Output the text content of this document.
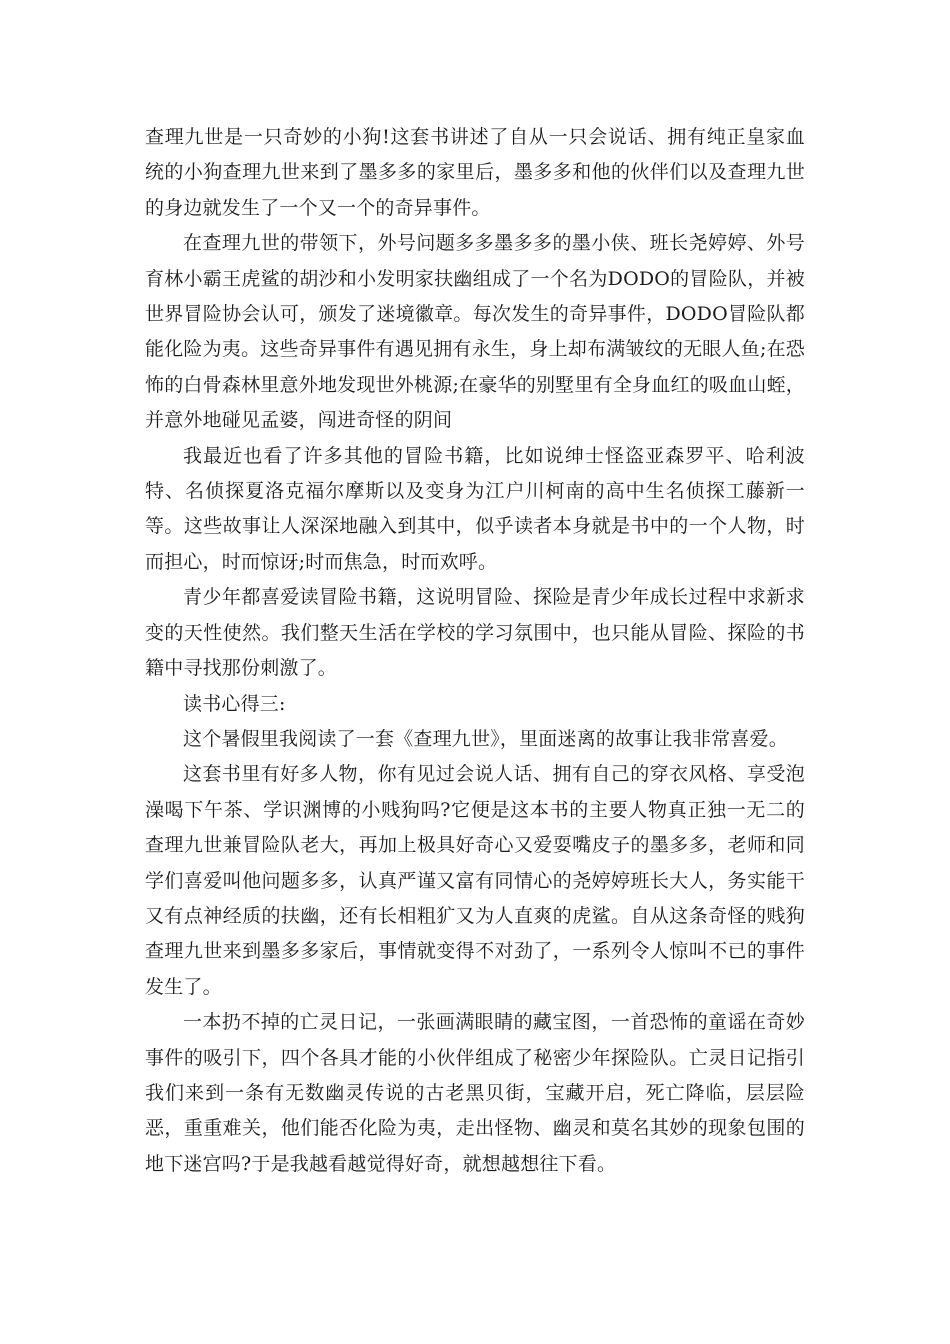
查理九世是一只奇妙的小狗!这套书讲述了自从一只会说话、拥有纯正皇家血统的小狗查理九世来到了墨多多的家里后，墨多多和他的伙伴们以及查理九世的身边就发生了一个又一个的奇异事件。

在查理九世的带领下，外号问题多多墨多多的墨小侠、班长尧婷婷、外号育林小霸王虎鲨的胡沙和小发明家扶幽组成了一个名为DODO的冒险队，并被世界冒险协会认可，颁发了迷境徽章。每次发生的奇异事件，DODO冒险队都能化险为夷。这些奇异事件有遇见拥有永生，身上却布满皱纹的无眼人鱼;在恐怖的白骨森林里意外地发现世外桃源;在豪华的别墅里有全身血红的吸血山蛭，并意外地碰见孟婆，闯进奇怪的阴间

我最近也看了许多其他的冒险书籍，比如说绅士怪盗亚森罗平、哈利波特、名侦探夏洛克福尔摩斯以及变身为江户川柯南的高中生名侦探工藤新一等。这些故事让人深深地融入到其中，似乎读者本身就是书中的一个人物，时而担心，时而惊讶;时而焦急，时而欢呼。

青少年都喜爱读冒险书籍，这说明冒险、探险是青少年成长过程中求新求变的天性使然。我们整天生活在学校的学习氛围中，也只能从冒险、探险的书籍中寻找那份刺激了。

读书心得三:

这个暑假里我阅读了一套《查理九世》，里面迷离的故事让我非常喜爱。

这套书里有好多人物，你有见过会说人话、拥有自己的穿衣风格、享受泡澡喝下午茶、学识渊博的小贱狗吗?它便是这本书的主要人物真正独一无二的查理九世兼冒险队老大，再加上极具好奇心又爱耍嘴皮子的墨多多，老师和同学们喜爱叫他问题多多，认真严谨又富有同情心的尧婷婷班长大人，务实能干又有点神经质的扶幽，还有长相粗犷又为人直爽的虎鲨。自从这条奇怪的贱狗查理九世来到墨多多家后，事情就变得不对劲了，一系列令人惊叫不已的事件发生了。

一本扔不掉的亡灵日记，一张画满眼睛的藏宝图，一首恐怖的童谣在奇妙事件的吸引下，四个各具才能的小伙伴组成了秘密少年探险队。亡灵日记指引我们来到一条有无数幽灵传说的古老黑贝街，宝藏开启，死亡降临，层层险恶，重重难关，他们能否化险为夷，走出怪物、幽灵和莫名其妙的现象包围的地下迷宫吗?于是我越看越觉得好奇，就想越想往下看。
